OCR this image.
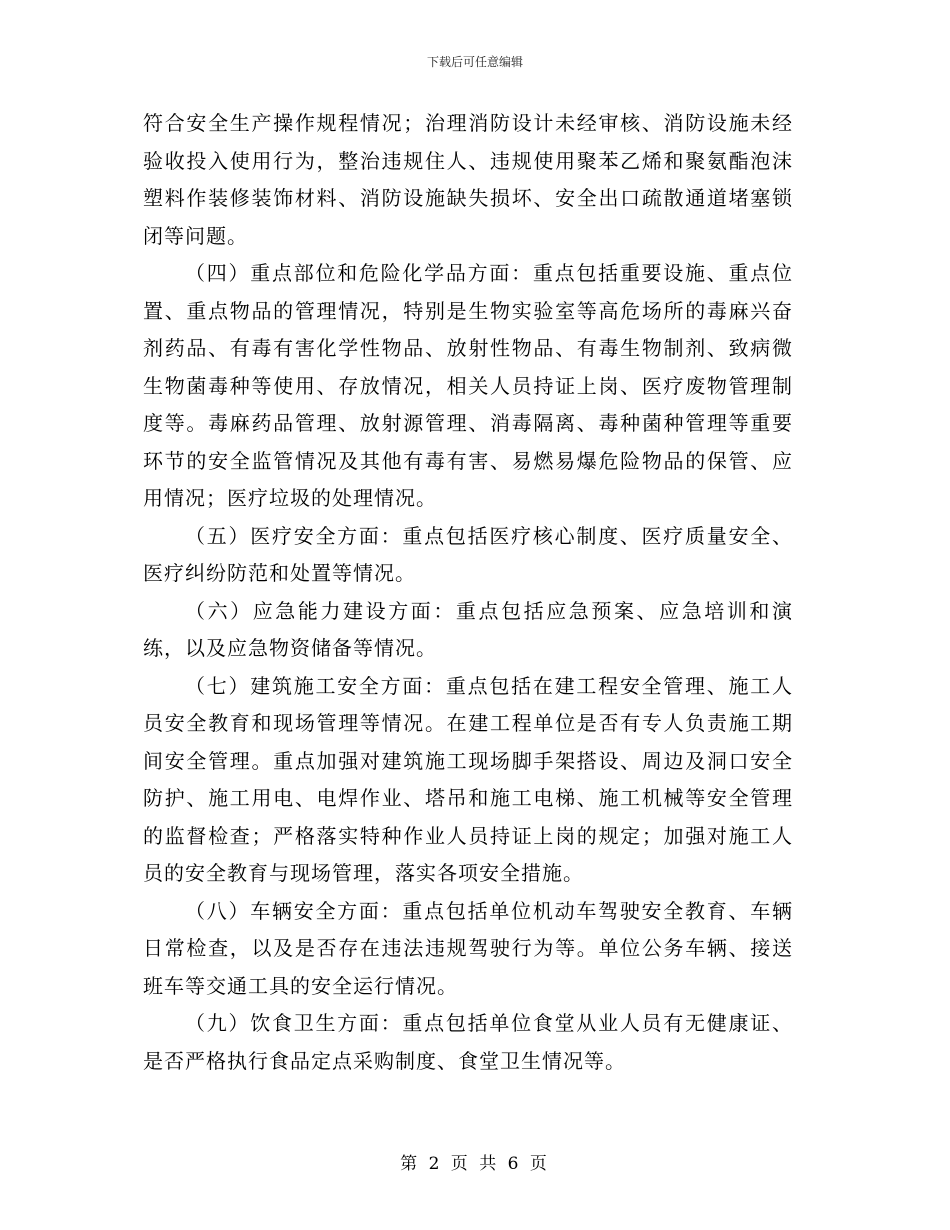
下载后可任意编辑

符合安全生产操作规程情况；治理消防设计未经审核、消防设施未经验收投入使用行为，整治违规住人、违规使用聚苯乙烯和聚氨酯泡沫塑料作装修装饰材料、消防设施缺失损坏、安全出口疏散通道堵塞锁闭等问题。

（四）重点部位和危险化学品方面：重点包括重要设施、重点位置、重点物品的管理情况，特别是生物实验室等高危场所的毒麻兴奋剂药品、有毒有害化学性物品、放射性物品、有毒生物制剂、致病微生物菌毒种等使用、存放情况，相关人员持证上岗、医疗废物管理制度等。毒麻药品管理、放射源管理、消毒隔离、毒种菌种管理等重要环节的安全监管情况及其他有毒有害、易燃易爆危险物品的保管、应用情况；医疗垃圾的处理情况。

（五）医疗安全方面：重点包括医疗核心制度、医疗质量安全、医疗纠纷防范和处置等情况。

（六）应急能力建设方面：重点包括应急预案、应急培训和演练，以及应急物资储备等情况。

（七）建筑施工安全方面：重点包括在建工程安全管理、施工人员安全教育和现场管理等情况。在建工程单位是否有专人负责施工期间安全管理。重点加强对建筑施工现场脚手架搭设、周边及洞口安全防护、施工用电、电焊作业、塔吊和施工电梯、施工机械等安全管理的监督检查；严格落实特种作业人员持证上岗的规定；加强对施工人员的安全教育与现场管理，落实各项安全措施。

（八）车辆安全方面：重点包括单位机动车驾驶安全教育、车辆日常检查，以及是否存在违法违规驾驶行为等。单位公务车辆、接送班车等交通工具的安全运行情况。

（九）饮食卫生方面：重点包括单位食堂从业人员有无健康证、是否严格执行食品定点采购制度、食堂卫生情况等。

第 2 页 共 6 页
